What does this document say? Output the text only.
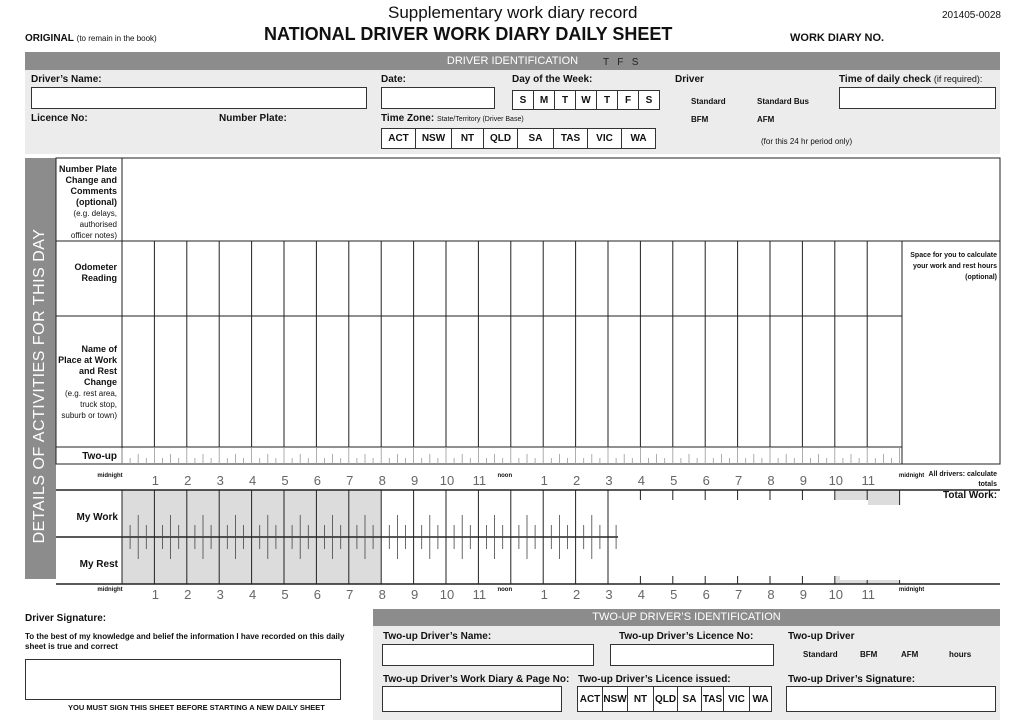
Supplementary work diary record	201405-0028
ORIGINAL (to remain in the book)	NATIONAL DRIVER WORK DIARY DAILY SHEET	WORK DIARY NO.
DRIVER IDENTIFICATION	T   F   S
Driver’s Name:	Date:	Day of the Week:
S	M	T	W	T	F	S
Driver
Standard	Standard Bus
BFM	AFM
(for this 24 hr period only)
Time of daily check (if required):
Licence No:	Number Plate:	Time Zone: State/Territory (Driver Base)
ACT	NSW	NT	QLD	SA	TAS	VIC	WA
DETAILS OF ACTIVITIES FOR THIS DAY
Number Plate Change and Comments (optional)
(e.g. delays, authorised officer notes)
Odometer Reading
Name of Place at Work and Rest Change
(e.g. rest area, truck stop, suburb or town)
Two-up
Space for you to calculate your work and rest hours
(optional)
All drivers: calculate totals
Total Work:
My Work
My Rest
midnight 1 2 3 4 5 6 7 8 9 10 11	1 2 3 4 5 6 7 8 9 10 11
noon	midnight
midnight 1 2 3 4 5 6 7 8 9 10 11	1 2 3 4 5 6 7 8 9 10 11
noon	midnight
Driver Signature:
To the best of my knowledge and belief the information I have recorded on this daily sheet is true and correct
YOU MUST SIGN THIS SHEET BEFORE STARTING A NEW DAILY SHEET
TWO-UP DRIVER’S IDENTIFICATION
Two-up Driver’s Name:	Two-up Driver’s Licence No:	Two-up Driver
Standard	BFM	AFM	hours
Two-up Driver’s Work Diary & Page No: Two-up Driver’s Licence issued:
ACT NSW NT QLD SA TAS VIC WA
Two-up Driver’s Signature:
